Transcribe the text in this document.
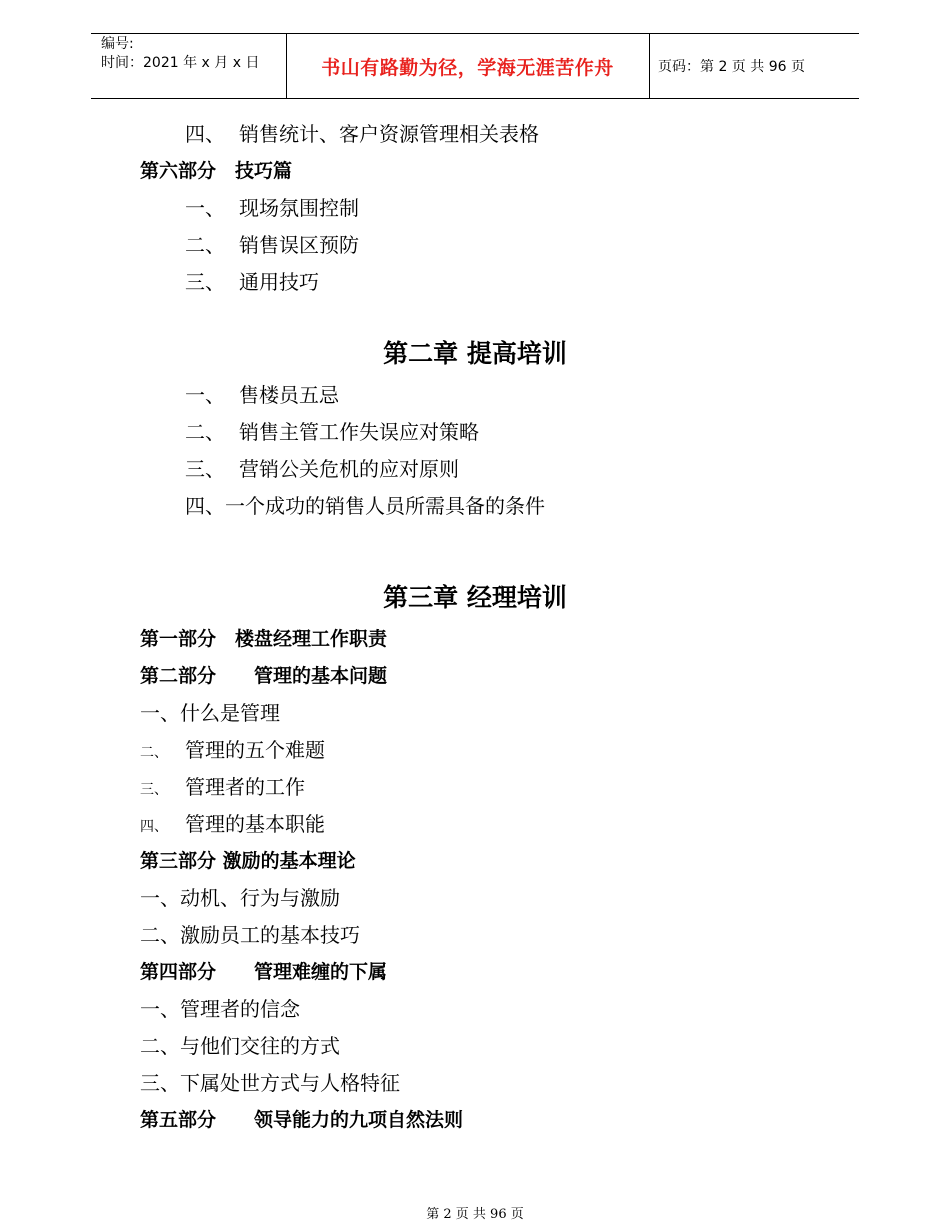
编号:
时间：2021 年 x 月 x 日	书山有路勤为径，学海无涯苦作舟	页码：第 2 页 共 96 页
四、 销售统计、客户资源管理相关表格
第六部分　技巧篇
一、 现场氛围控制
二、 销售误区预防
三、 通用技巧
第二章 提高培训
一、 售楼员五忌
二、 销售主管工作失误应对策略
三、 营销公关危机的应对原则
四、一个成功的销售人员所需具备的条件
第三章 经理培训
第一部分　楼盘经理工作职责
第二部分　　管理的基本问题
一、什么是管理
二、 管理的五个难题
三、 管理者的工作
四、 管理的基本职能
第三部分 激励的基本理论
一、动机、行为与激励
二、激励员工的基本技巧
第四部分　　管理难缠的下属
一、管理者的信念
二、与他们交往的方式
三、下属处世方式与人格特征
第五部分　　领导能力的九项自然法则
第 2 页 共 96 页
